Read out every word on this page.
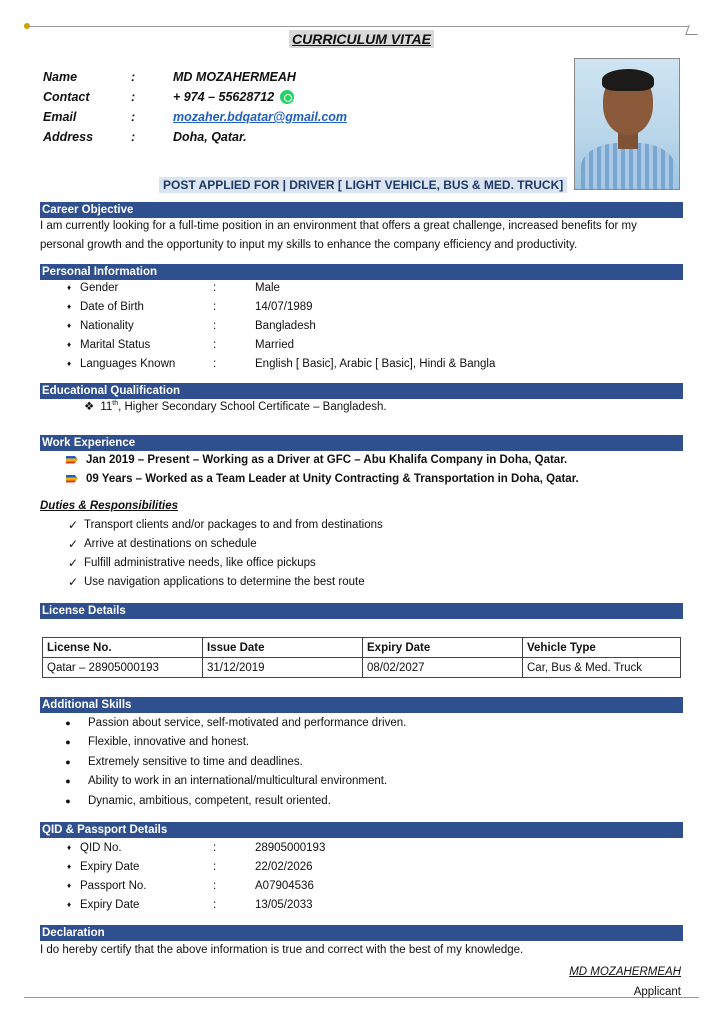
CURRICULUM VITAE
Name	:	MD MOZAHERMEAH
Contact	:	+ 974 – 55628712
Email	:	mozaher.bdqatar@gmail.com
Address	:	Doha, Qatar.
POST APPLIED FOR | DRIVER [ LIGHT VEHICLE, BUS & MED. TRUCK]
Career Objective
I am currently looking for a full-time position in an environment that offers a great challenge, increased benefits for my personal growth and the opportunity to input my skills to enhance the company efficiency and productivity.
Personal Information
♦ Gender	:	Male
♦ Date of Birth	:	14/07/1989
♦ Nationality	:	Bangladesh
♦ Marital Status	:	Married
♦ Languages Known	:	English [ Basic], Arabic [ Basic], Hindi & Bangla
Educational Qualification
❖ 11th, Higher Secondary School Certificate – Bangladesh.
Work Experience
Jan 2019 – Present – Working as a Driver at GFC – Abu Khalifa Company in Doha, Qatar.
09 Years – Worked as a Team Leader at Unity Contracting & Transportation in Doha, Qatar.
Duties & Responsibilities
✓ Transport clients and/or packages to and from destinations
✓ Arrive at destinations on schedule
✓ Fulfill administrative needs, like office pickups
✓ Use navigation applications to determine the best route
License Details
License No.	Issue Date	Expiry Date	Vehicle Type
Qatar – 28905000193	31/12/2019	08/02/2027	Car, Bus & Med. Truck
Additional Skills
●	Passion about service, self-motivated and performance driven.
●	Flexible, innovative and honest.
●	Extremely sensitive to time and deadlines.
●	Ability to work in an international/multicultural environment.
●	Dynamic, ambitious, competent, result oriented.
QID & Passport Details
♦ QID No.	:	28905000193
♦ Expiry Date	:	22/02/2026
♦ Passport No.	:	A07904536
♦ Expiry Date	:	13/05/2033
Declaration
I do hereby certify that the above information is true and correct with the best of my knowledge.
MD MOZAHERMEAH
Applicant
